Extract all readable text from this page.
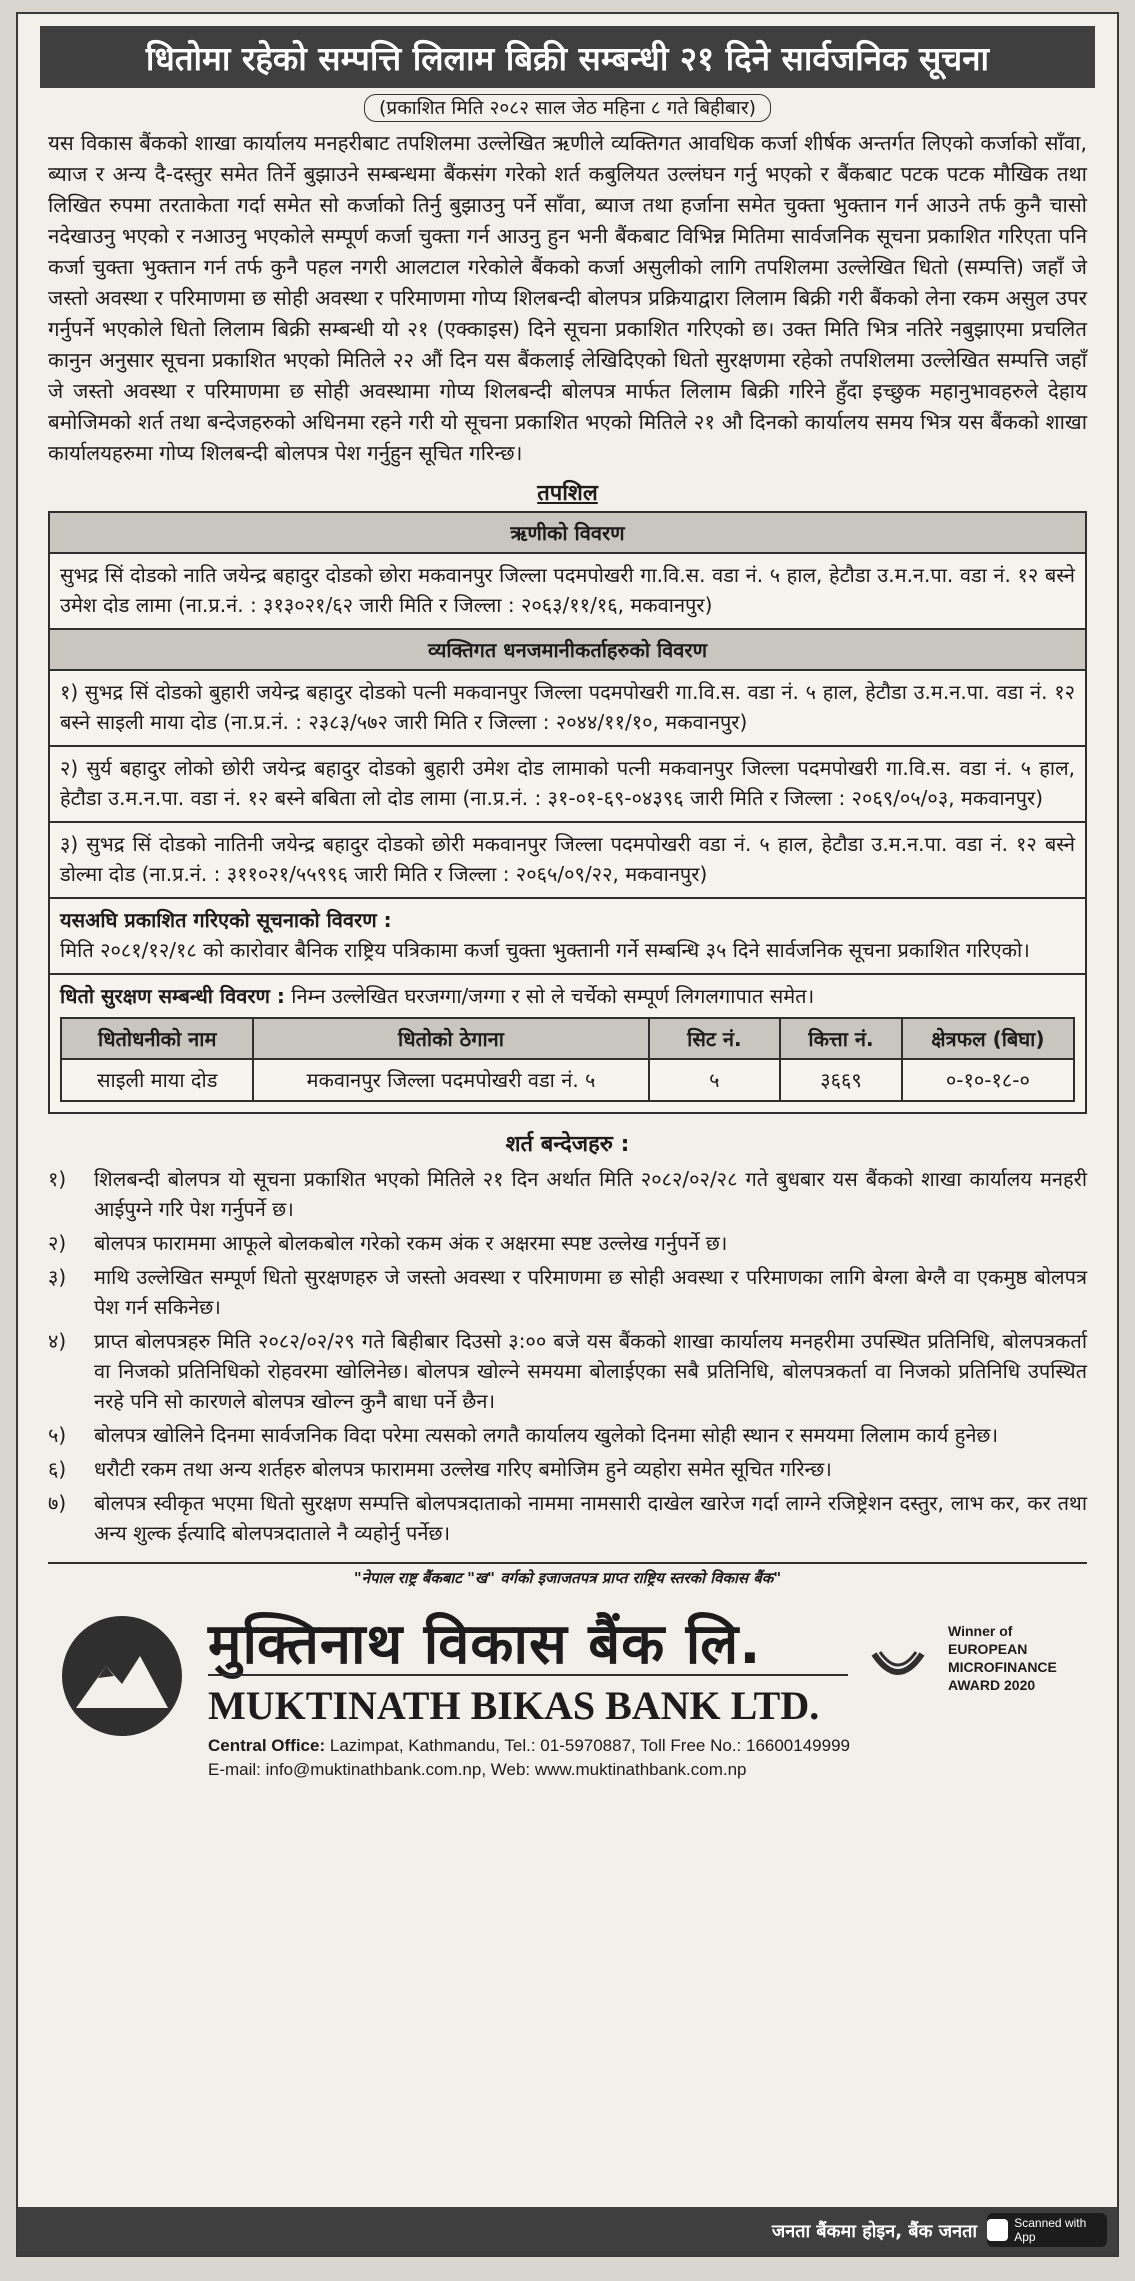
धितोमा रहेको सम्पत्ति लिलाम बिक्री सम्बन्धी २१ दिने सार्वजनिक सूचना
(प्रकाशित मिति २०८२ साल जेठ महिना ८ गते बिहीबार)
यस विकास बैंकको शाखा कार्यालय मनहरीबाट तपशिलमा उल्लेखित ऋणीले व्यक्तिगत आवधिक कर्जा शीर्षक अन्तर्गत लिएको कर्जाको साँवा, ब्याज र अन्य दै-दस्तुर समेत तिर्ने बुझाउने सम्बन्धमा बैंकसंग गरेको शर्त कबुलियत उल्लंघन गर्नु भएको र बैंकबाट पटक पटक मौखिक तथा लिखित रुपमा तरताकेता गर्दा समेत सो कर्जाको तिर्नु बुझाउनु पर्ने साँवा, ब्याज तथा हर्जाना समेत चुक्ता भुक्तान गर्न आउने तर्फ कुनै चासो नदेखाउनु भएको र नआउनु भएकोले सम्पूर्ण कर्जा चुक्ता गर्न आउनु हुन भनी बैंकबाट विभिन्न मितिमा सार्वजनिक सूचना प्रकाशित गरिएता पनि कर्जा चुक्ता भुक्तान गर्न तर्फ कुनै पहल नगरी आलटाल गरेकोले बैंकको कर्जा असुलीको लागि तपशिलमा उल्लेखित धितो (सम्पत्ति) जहाँ जे जस्तो अवस्था र परिमाणमा छ सोही अवस्था र परिमाणमा गोप्य शिलबन्दी बोलपत्र प्रक्रियाद्वारा लिलाम बिक्री गरी बैंकको लेना रकम असुल उपर गर्नुपर्ने भएकोले धितो लिलाम बिक्री सम्बन्धी यो २१ (एक्काइस) दिने सूचना प्रकाशित गरिएको छ। उक्त मिति भित्र नतिरे नबुझाएमा प्रचलित कानुन अनुसार सूचना प्रकाशित भएको मितिले २२ औं दिन यस बैंकलाई लेखिदिएको धितो सुरक्षणमा रहेको तपशिलमा उल्लेखित सम्पत्ति जहाँ जे जस्तो अवस्था र परिमाणमा छ सोही अवस्थामा गोप्य शिलबन्दी बोलपत्र मार्फत लिलाम बिक्री गरिने हुँदा इच्छुक महानुभावहरुले देहाय बमोजिमको शर्त तथा बन्देजहरुको अधिनमा रहने गरी यो सूचना प्रकाशित भएको मितिले २१ औ दिनको कार्यालय समय भित्र यस बैंकको शाखा कार्यालयहरुमा गोप्य शिलबन्दी बोलपत्र पेश गर्नुहुन सूचित गरिन्छ।
तपशिल
ऋणीको विवरण
सुभद्र सिं दोडको नाति जयेन्द्र बहादुर दोडको छोरा मकवानपुर जिल्ला पदमपोखरी गा.वि.स. वडा नं. ५ हाल, हेटौडा उ.म.न.पा. वडा नं. १२ बस्ने उमेश दोड लामा (ना.प्र.नं. : ३१३०२१/६२ जारी मिति र जिल्ला : २०६३/११/१६, मकवानपुर)
व्यक्तिगत धनजमानीकर्ताहरुको विवरण
१) सुभद्र सिं दोडको बुहारी जयेन्द्र बहादुर दोडको पत्नी मकवानपुर जिल्ला पदमपोखरी गा.वि.स. वडा नं. ५ हाल, हेटौडा उ.म.न.पा. वडा नं. १२ बस्ने साइली माया दोड (ना.प्र.नं. : २३८३/५७२ जारी मिति र जिल्ला : २०४४/११/१०, मकवानपुर)
२) सुर्य बहादुर लोको छोरी जयेन्द्र बहादुर दोडको बुहारी उमेश दोड लामाको पत्नी मकवानपुर जिल्ला पदमपोखरी गा.वि.स. वडा नं. ५ हाल, हेटौडा उ.म.न.पा. वडा नं. १२ बस्ने बबिता लो दोड लामा (ना.प्र.नं. : ३१-०१-६९-०४३९६ जारी मिति र जिल्ला : २०६९/०५/०३, मकवानपुर)
३) सुभद्र सिं दोडको नातिनी जयेन्द्र बहादुर दोडको छोरी मकवानपुर जिल्ला पदमपोखरी वडा नं. ५ हाल, हेटौडा उ.म.न.पा. वडा नं. १२ बस्ने डोल्मा दोड (ना.प्र.नं. : ३११०२१/५५९९६ जारी मिति र जिल्ला : २०६५/०९/२२, मकवानपुर)
यसअघि प्रकाशित गरिएको सूचनाको विवरण :
मिति २०८१/१२/१८ को कारोवार बैनिक राष्ट्रिय पत्रिकामा कर्जा चुक्ता भुक्तानी गर्ने सम्बन्धि ३५ दिने सार्वजनिक सूचना प्रकाशित गरिएको।
धितो सुरक्षण सम्बन्धी विवरण : निम्न उल्लेखित घरजग्गा/जग्गा र सो ले चर्चेको सम्पूर्ण लिगलगापात समेत।
धितोधनीको नाम	धितोको ठेगाना	सिट नं.	कित्ता नं.	क्षेत्रफल (बिघा)
साइली माया दोड	मकवानपुर जिल्ला पदमपोखरी वडा नं. ५	५	३६६९	०-१०-१८-०
शर्त बन्देजहरु :
१)	शिलबन्दी बोलपत्र यो सूचना प्रकाशित भएको मितिले २१ दिन अर्थात मिति २०८२/०२/२८ गते बुधबार यस बैंकको शाखा कार्यालय मनहरी आईपुग्ने गरि पेश गर्नुपर्ने छ।
२)	बोलपत्र फाराममा आफूले बोलकबोल गरेको रकम अंक र अक्षरमा स्पष्ट उल्लेख गर्नुपर्ने छ।
३)	माथि उल्लेखित सम्पूर्ण धितो सुरक्षणहरु जे जस्तो अवस्था र परिमाणमा छ सोही अवस्था र परिमाणका लागि बेग्ला बेग्लै वा एकमुष्ठ बोलपत्र पेश गर्न सकिनेछ।
४)	प्राप्त बोलपत्रहरु मिति २०८२/०२/२९ गते बिहीबार दिउसो ३:०० बजे यस बैंकको शाखा कार्यालय मनहरीमा उपस्थित प्रतिनिधि, बोलपत्रकर्ता वा निजको प्रतिनिधिको रोहवरमा खोलिनेछ। बोलपत्र खोल्ने समयमा बोलाईएका सबै प्रतिनिधि, बोलपत्रकर्ता वा निजको प्रतिनिधि उपस्थित नरहे पनि सो कारणले बोलपत्र खोल्न कुनै बाधा पर्ने छैन।
५)	बोलपत्र खोलिने दिनमा सार्वजनिक विदा परेमा त्यसको लगतै कार्यालय खुलेको दिनमा सोही स्थान र समयमा लिलाम कार्य हुनेछ।
६)	धरौटी रकम तथा अन्य शर्तहरु बोलपत्र फाराममा उल्लेख गरिए बमोजिम हुने व्यहोरा समेत सूचित गरिन्छ।
७)	बोलपत्र स्वीकृत भएमा धितो सुरक्षण सम्पत्ति बोलपत्रदाताको नाममा नामसारी दाखेल खारेज गर्दा लाग्ने रजिष्ट्रेशन दस्तुर, लाभ कर, कर तथा अन्य शुल्क ईत्यादि बोलपत्रदाताले नै व्यहोर्नु पर्नेछ।
"नेपाल राष्ट्र बैंकबाट "ख" वर्गको इजाजतपत्र प्राप्त राष्ट्रिय स्तरको विकास बैंक"
मुक्तिनाथ विकास बैंक लि.
MUKTINATH BIKAS BANK LTD.
Winner of
EUROPEAN
MICROFINANCE
AWARD 2020
Central Office: Lazimpat, Kathmandu, Tel.: 01-5970887, Toll Free No.: 16600149999
E-mail: info@muktinathbank.com.np, Web: www.muktinathbank.com.np
जनता बैंकमा होइन, बैंक जनता	Scanned with App
